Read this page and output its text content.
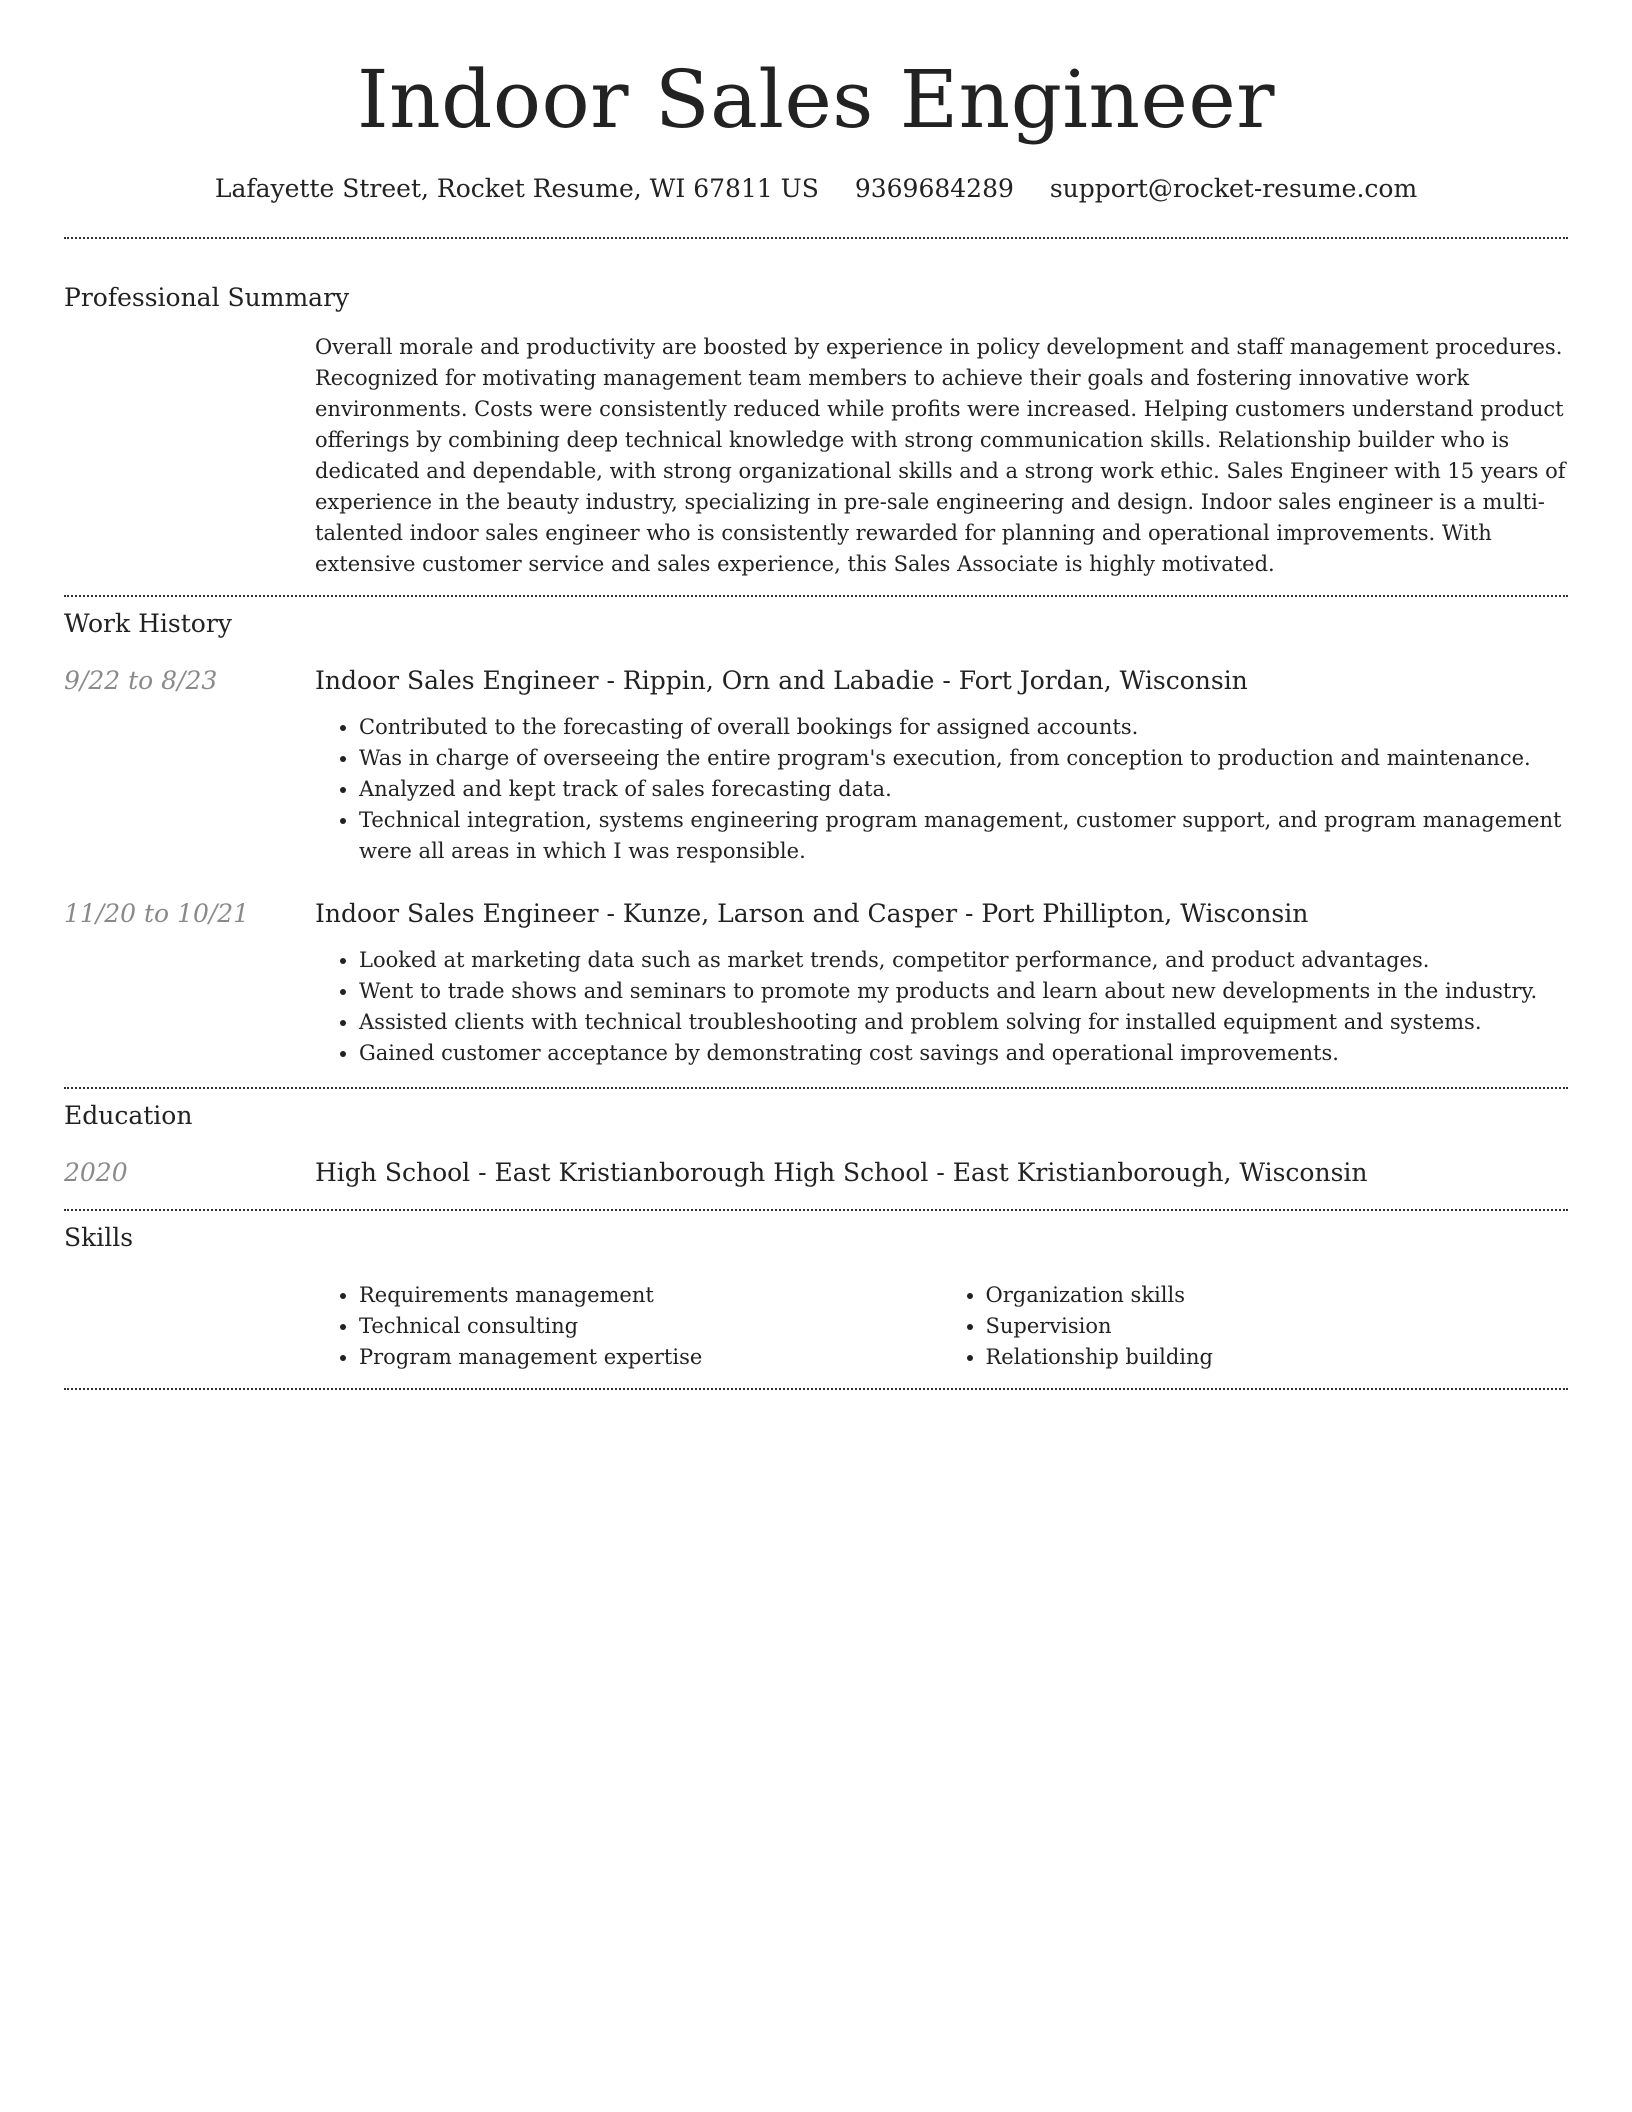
Indoor Sales Engineer
Lafayette Street, Rocket Resume, WI 67811 US 9369684289 support@rocket-resume.com
Professional Summary

Overall morale and productivity are boosted by experience in policy development and staff management procedures. Recognized for motivating management team members to achieve their goals and fostering innovative work environments. Costs were consistently reduced while profits were increased. Helping customers understand product offerings by combining deep technical knowledge with strong communication skills. Relationship builder who is dedicated and dependable, with strong organizational skills and a strong work ethic. Sales Engineer with 15 years of experience in the beauty industry, specializing in pre-sale engineering and design. Indoor sales engineer is a multi-talented indoor sales engineer who is consistently rewarded for planning and operational improvements. With extensive customer service and sales experience, this Sales Associate is highly motivated.

Work History
9/22 to 8/23	Indoor Sales Engineer - Rippin, Orn and Labadie - Fort Jordan, Wisconsin
• Contributed to the forecasting of overall bookings for assigned accounts.
• Was in charge of overseeing the entire program's execution, from conception to production and maintenance.
• Analyzed and kept track of sales forecasting data.
• Technical integration, systems engineering program management, customer support, and program management were all areas in which I was responsible.
11/20 to 10/21	Indoor Sales Engineer - Kunze, Larson and Casper - Port Phillipton, Wisconsin
• Looked at marketing data such as market trends, competitor performance, and product advantages.
• Went to trade shows and seminars to promote my products and learn about new developments in the industry.
• Assisted clients with technical troubleshooting and problem solving for installed equipment and systems.
• Gained customer acceptance by demonstrating cost savings and operational improvements.
Education
2020	High School - East Kristianborough High School - East Kristianborough, Wisconsin
Skills
• Requirements management
• Technical consulting
• Program management expertise
• Organization skills
• Supervision
• Relationship building
